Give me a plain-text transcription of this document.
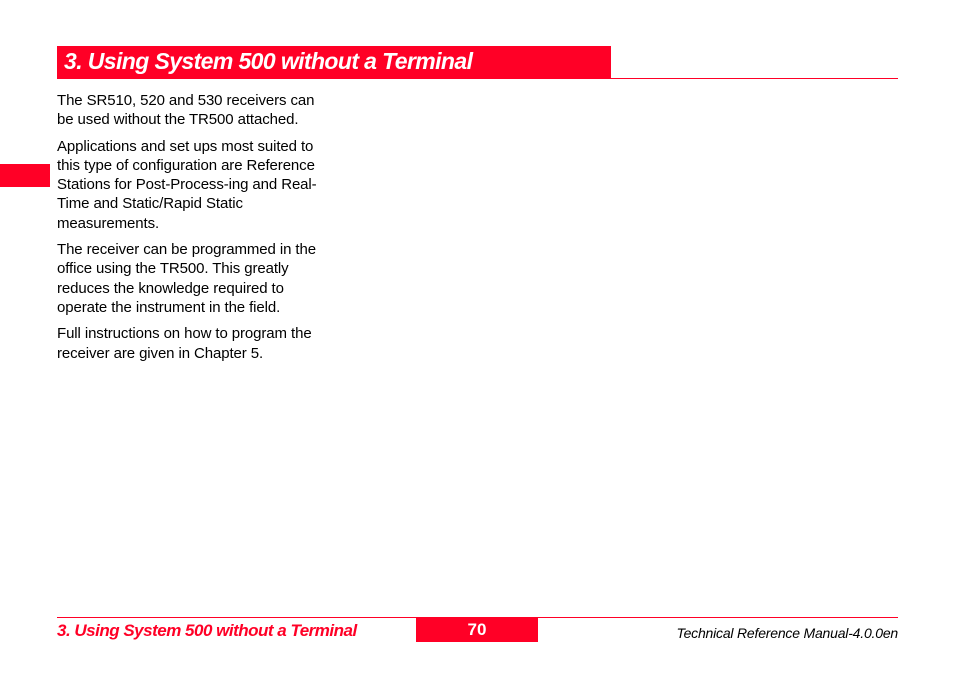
3. Using System 500 without a Terminal

The SR510, 520 and 530 receivers can be used without the TR500 attached.

Applications and set ups most suited to this type of configuration are Reference Stations for Post-Process-ing and Real-Time and Static/Rapid Static measurements.

The receiver can be programmed in the office using the TR500. This greatly reduces the knowledge required to operate the instrument in the field.

Full instructions on how to program the receiver are given in Chapter 5.

3. Using System 500 without a Terminal	70	Technical Reference Manual-4.0.0en
